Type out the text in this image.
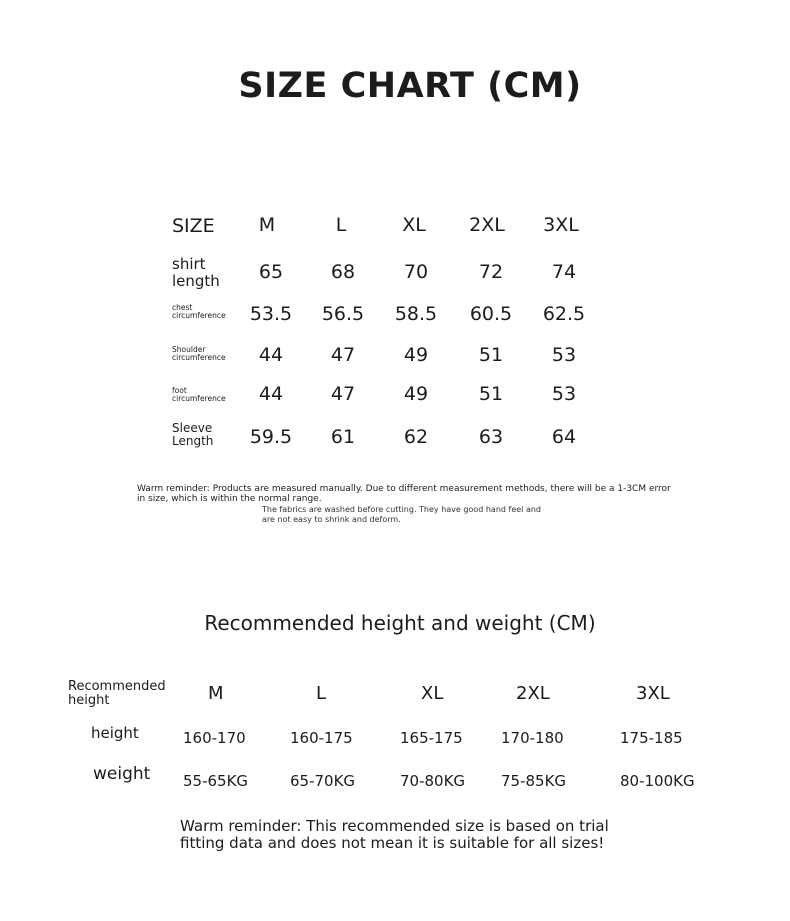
SIZE CHART (CM)
SIZE	M	L	XL	2XL	3XL
shirt
length	65	68	70	72	74
chest
circumference	53.5	56.5	58.5	60.5	62.5
Shoulder
circumference	44	47	49	51	53
foot
circumference	44	47	49	51	53
Sleeve
Length	59.5	61	62	63	64
Warm reminder: Products are measured manually. Due to different measurement methods, there will be a 1-3CM error
in size, which is within the normal range.
The fabrics are washed before cutting. They have good hand feel and
are not easy to shrink and deform.
Recommended height and weight (CM)
Recommended
height	M	L	XL	2XL	3XL
height	160-170	160-175	165-175	170-180	175-185
weight 55-65KG	65-70KG	70-80KG 75-85KG	80-100KG
Warm reminder: This recommended size is based on trial
fitting data and does not mean it is suitable for all sizes!
